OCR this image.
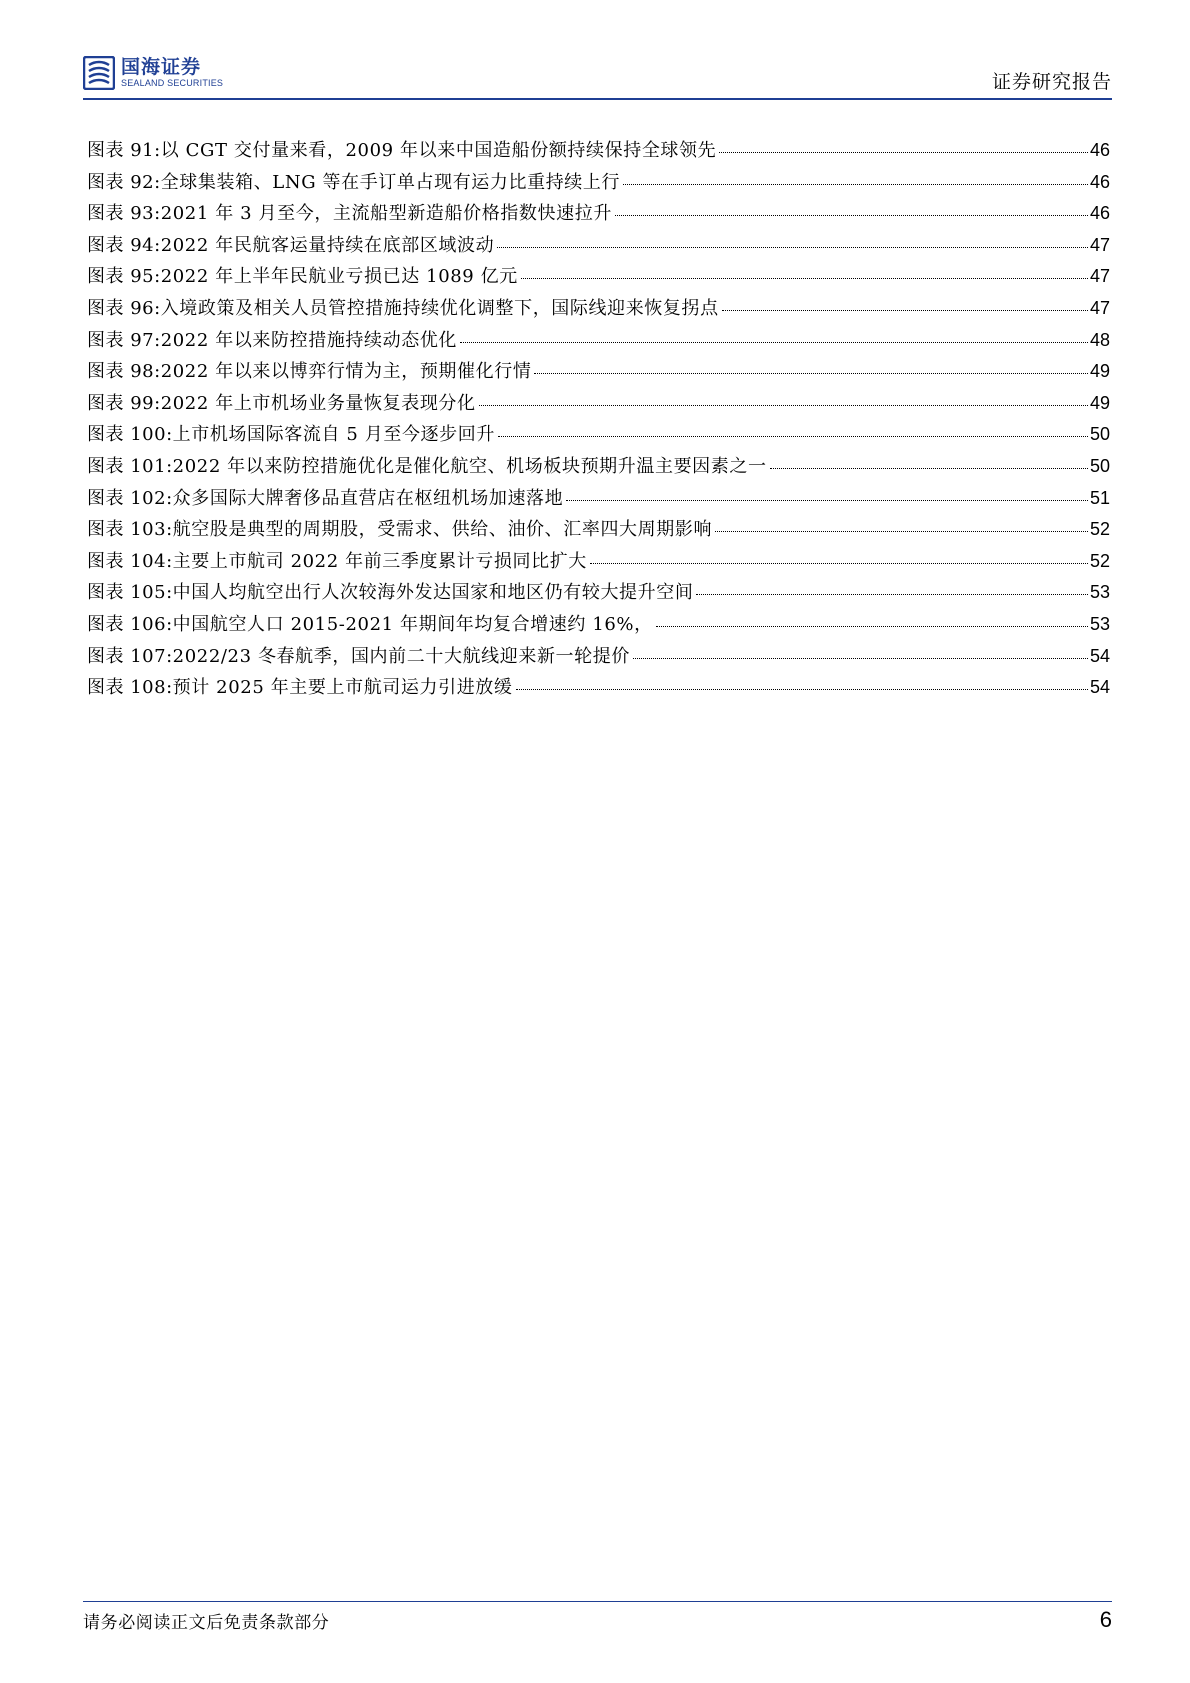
国海证券
SEALAND SECURITIES	证券研究报告
图表 91: 以 CGT 交付量来看，2009 年以来中国造船份额持续保持全球领先	46
图表 92: 全球集装箱、LNG 等在手订单占现有运力比重持续上行	46
图表 93: 2021 年 3 月至今，主流船型新造船价格指数快速拉升	46
图表 94: 2022 年民航客运量持续在底部区域波动	47
图表 95: 2022 年上半年民航业亏损已达 1089 亿元	47
图表 96: 入境政策及相关人员管控措施持续优化调整下，国际线迎来恢复拐点	47
图表 97: 2022 年以来防控措施持续动态优化	48
图表 98: 2022 年以来以博弈行情为主，预期催化行情	49
图表 99: 2022 年上市机场业务量恢复表现分化	49
图表 100: 上市机场国际客流自 5 月至今逐步回升	50
图表 101: 2022 年以来防控措施优化是催化航空、机场板块预期升温主要因素之一	50
图表 102: 众多国际大牌奢侈品直营店在枢纽机场加速落地	51
图表 103: 航空股是典型的周期股，受需求、供给、油价、汇率四大周期影响	52
图表 104: 主要上市航司 2022 年前三季度累计亏损同比扩大	52
图表 105: 中国人均航空出行人次较海外发达国家和地区仍有较大提升空间	53
图表 106: 中国航空人口 2015-2021 年期间年均复合增速约 16%，	53
图表 107: 2022/23 冬春航季，国内前二十大航线迎来新一轮提价	54
图表 108: 预计 2025 年主要上市航司运力引进放缓	54
请务必阅读正文后免责条款部分	6
